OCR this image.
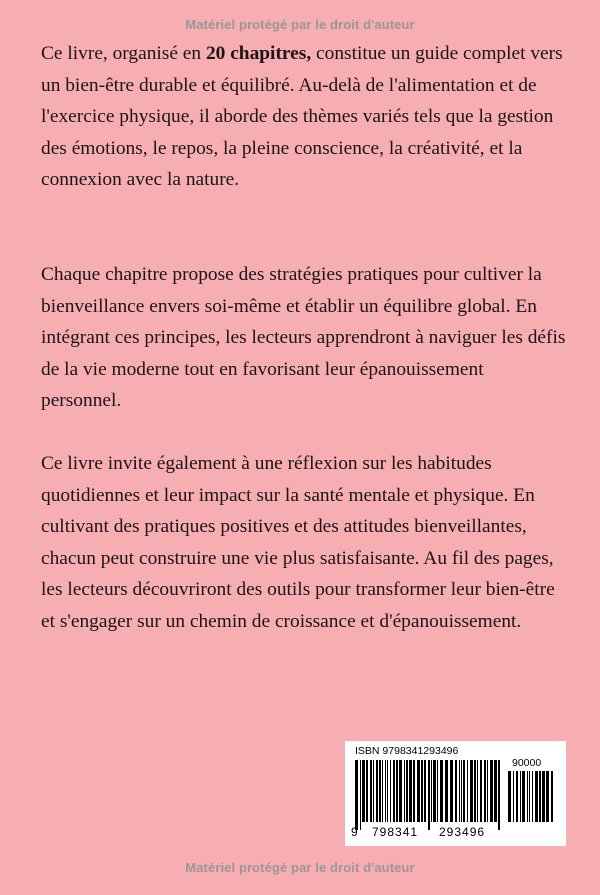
Matériel protégé par le droit d'auteur

Ce livre, organisé en 20 chapitres, constitue un guide complet vers un bien-être durable et équilibré. Au-delà de l'alimentation et de l'exercice physique, il aborde des thèmes variés tels que la gestion des émotions, le repos, la pleine conscience, la créativité, et la connexion avec la nature.

Chaque chapitre propose des stratégies pratiques pour cultiver la bienveillance envers soi-même et établir un équilibre global. En intégrant ces principes, les lecteurs apprendront à naviguer les défis de la vie moderne tout en favorisant leur épanouissement personnel.

Ce livre invite également à une réflexion sur les habitudes quotidiennes et leur impact sur la santé mentale et physique. En cultivant des pratiques positives et des attitudes bienveillantes, chacun peut construire une vie plus satisfaisante. Au fil des pages, les lecteurs découvriront des outils pour transformer leur bien-être et s'engager sur un chemin de croissance et d'épanouissement.

ISBN 9798341293496
90000
9 798341 293496
Matériel protégé par le droit d'auteur
